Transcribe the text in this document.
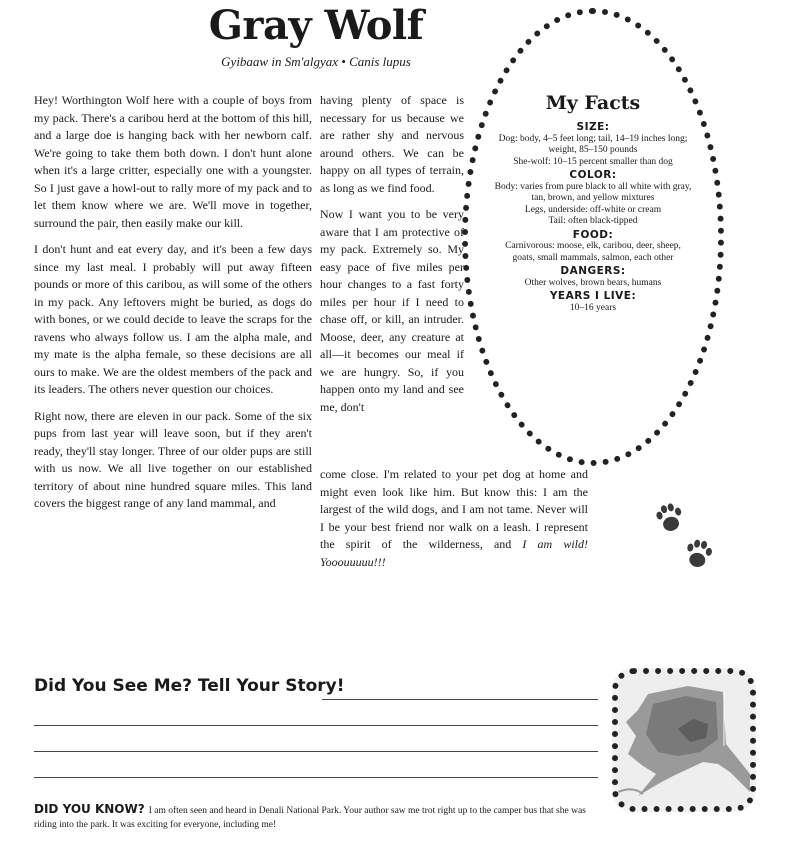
Gray Wolf
Gyibaaw in Sm'algyax • Canis lupus

Hey! Worthington Wolf here with a couple of boys from my pack. There's a caribou herd at the bottom of this hill, and a large doe is hanging back with her newborn calf. We're going to take them both down. I don't hunt alone when it's a large critter, especially one with a youngster. So I just gave a howl-out to rally more of my pack and to let them know where we are. We'll move in together, surround the pair, then easily make our kill.

I don't hunt and eat every day, and it's been a few days since my last meal. I probably will put away fifteen pounds or more of this caribou, as will some of the others in my pack. Any leftovers might be buried, as dogs do with bones, or we could decide to leave the scraps for the ravens who always follow us. I am the alpha male, and my mate is the alpha female, so these decisions are all ours to make. We are the oldest members of the pack and its leaders. The others never question our choices.

Right now, there are eleven in our pack. Some of the six pups from last year will leave soon, but if they aren't ready, they'll stay longer. Three of our older pups are still with us now. We all live together on our established territory of about nine hundred square miles. This land covers the biggest range of any land mammal, and

having plenty of space is necessary for us because we are rather shy and nervous around others. We can be happy on all types of terrain, as long as we find food.

Now I want you to be very aware that I am protective of my pack. Extremely so. My easy pace of five miles per hour changes to a fast forty miles per hour if I need to chase off, or kill, an intruder. Moose, deer, any creature at all—it becomes our meal if we are hungry. So, if you happen onto my land and see me, don't

come close. I'm related to your pet dog at home and might even look like him. But know this: I am the largest of the wild dogs, and I am not tame. Never will I be your best friend nor walk on a leash. I represent the spirit of the wilderness, and I am wild! Yooouuuuu!!!

My Facts
SIZE:
Dog: body, 4–5 feet long; tail, 14–19 inches long; weight, 85–150 pounds
She-wolf: 10–15 percent smaller than dog
COLOR:
Body: varies from pure black to all white with gray, tan, brown, and yellow mixtures
Legs, underside: off-white or cream
Tail: often black-tipped
FOOD:
Carnivorous: moose, elk, caribou, deer, sheep, goats, small mammals, salmon, each other
DANGERS:
Other wolves, brown bears, humans
YEARS I LIVE:
10–16 years
Did You See Me? Tell Your Story!
DID YOU KNOW? I am often seen and heard in Denali National Park. Your author saw me trot right up to the camper bus that she was riding into the park. It was exciting for everyone, including me!
